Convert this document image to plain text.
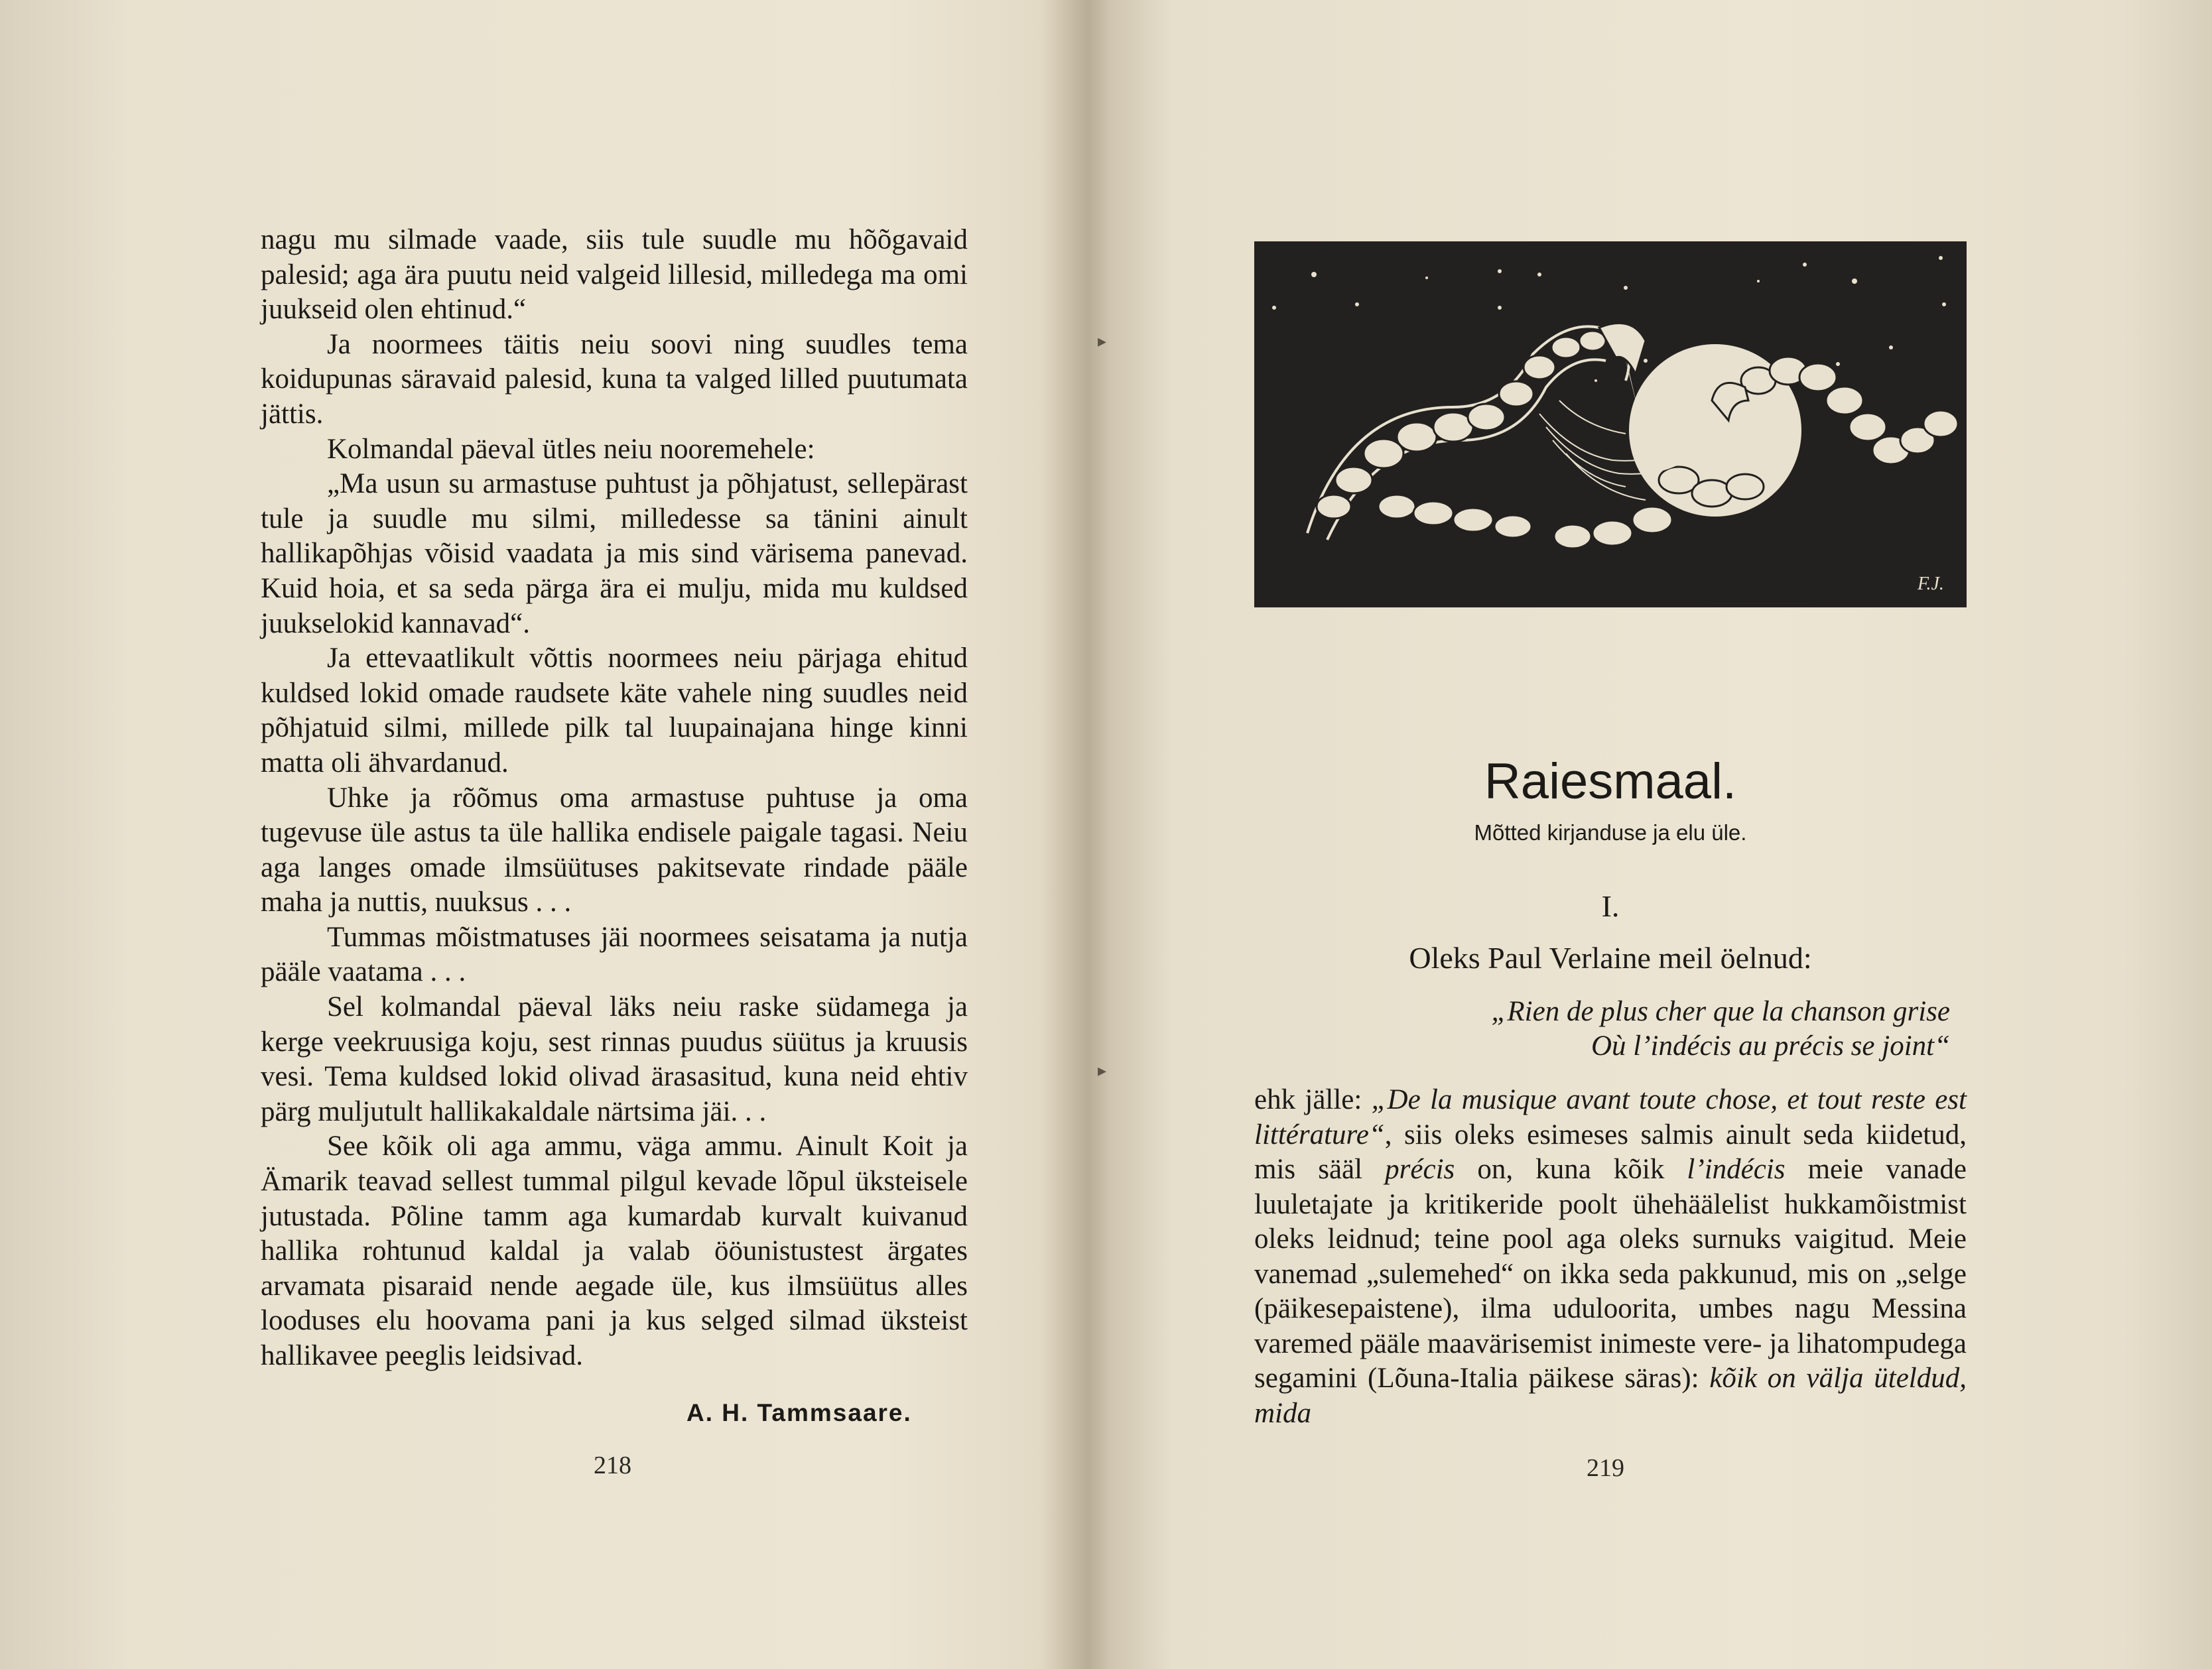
nagu mu silmade vaade, siis tule suudle mu hõõgavaid palesid; aga ära puutu neid valgeid lillesid, milledega ma omi juukseid olen ehtinud.“

Ja noormees täitis neiu soovi ning suudles tema koidupunas säravaid palesid, kuna ta valged lilled puutumata jättis.

Kolmandal päeval ütles neiu nooremehele:

„Ma usun su armastuse puhtust ja põhjatust, sellepärast tule ja suudle mu silmi, milledesse sa tänini ainult hallikapõhjas võisid vaadata ja mis sind värisema panevad. Kuid hoia, et sa seda pärga ära ei mulju, mida mu kuldsed juukselokid kannavad“.

Ja ettevaatlikult võttis noormees neiu pärjaga ehitud kuldsed lokid omade raudsete käte vahele ning suudles neid põhjatuid silmi, millede pilk tal luupainajana hinge kinni matta oli ähvardanud.

Uhke ja rõõmus oma armastuse puhtuse ja oma tugevuse üle astus ta üle hallika endisele paigale tagasi. Neiu aga langes omade ilmsüütuses pakitsevate rindade pääle maha ja nuttis, nuuksus . . .

Tummas mõistmatuses jäi noormees seisatama ja nutja pääle vaatama . . .

Sel kolmandal päeval läks neiu raske südamega ja kerge veekruusiga koju, sest rinnas puudus süütus ja kruusis vesi. Tema kuldsed lokid olivad ärasasitud, kuna neid ehtiv pärg muljutult hallikakaldale närtsima jäi. . .

See kõik oli aga ammu, väga ammu. Ainult Koit ja Ämarik teavad sellest tummal pilgul kevade lõpul üksteisele jutustada. Põline tamm aga kumardab kurvalt kuivanud hallika rohtunud kaldal ja valab ööunistustest ärgates arvamata pisaraid nende aegade üle, kus ilmsüütus alles looduses elu hoovama pani ja kus selged silmad üksteist hallikavee peeglis leidsivad.

A. H. Tammsaare.
218
▸
▸
F.J.
Raiesmaal.
Mõtted kirjanduse ja elu üle.
I.
Oleks Paul Verlaine meil öelnud:
„Rien de plus cher que la chanson grise
Où l’indécis au précis se joint“
ehk jälle: „De la musique avant toute chose, et tout reste est littérature“, siis oleks esimeses salmis ainult seda kiidetud, mis sääl précis on, kuna kõik l’indécis meie vanade luuletajate ja kritikeride poolt ühehäälelist hukkamõistmist oleks leidnud; teine pool aga oleks surnuks vaigitud. Meie vanemad „sulemehed“ on ikka seda pakkunud, mis on „selge (päikesepaistene), ilma uduloorita, umbes nagu Messina varemed pääle maavärisemist inimeste vere- ja lihatompudega segamini (Lõuna-Italia päikese säras): kõik on välja üteldud, mida
219
